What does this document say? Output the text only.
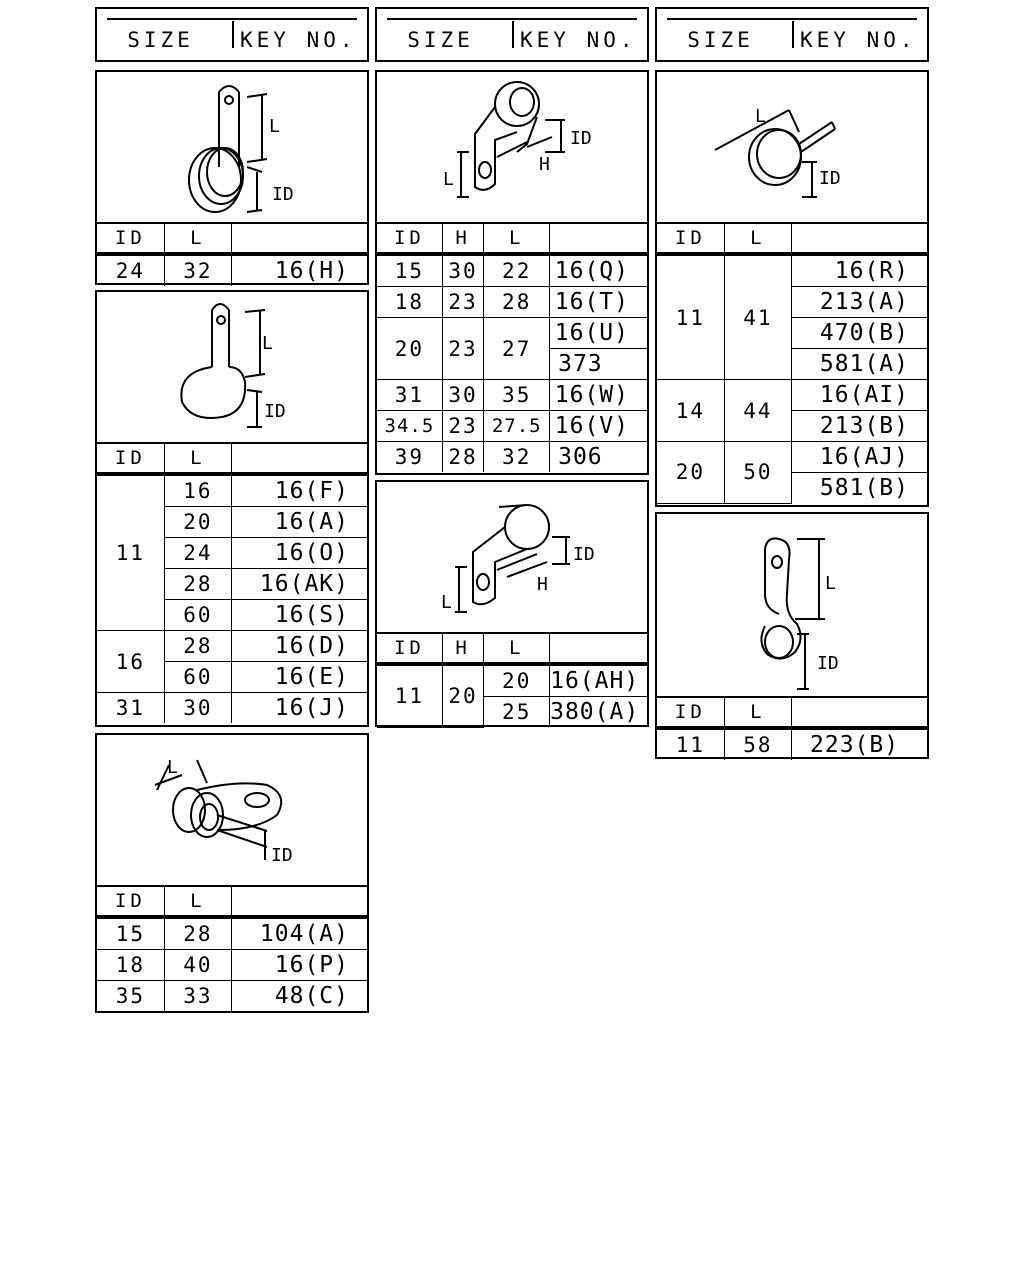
SIZE	KEY NO.	SIZE	KEY NO.	SIZE	KEY NO.
L
ID
ID	L	
24	32	16(H)
L
ID
ID	L	
11	16	16(F)
	20	16(A)
	24	16(O)
	28	16(AK)
	60	16(S)
16	28	16(D)
	60	16(E)
31	30	16(J)
L
ID
ID	L	
15	28	104(A)
18	40	16(P)
35	33	48(C)
L
H
ID
ID	H	L	
15	30	22	16(Q)
18	23	28	16(T)
20	23	27	16(U)
			373
31	30	35	16(W)
34.5	23	27.5	16(V)
39	28	32	306
L
H
ID
ID	H	L	
11	20	20	16(AH)
		25	380(A)
L
ID
ID	L	
11	41	16(R)
		213(A)
		470(B)
		581(A)
14	44	16(AI)
		213(B)
20	50	16(AJ)
		581(B)
L
ID
ID	L	
11	58	223(B)
